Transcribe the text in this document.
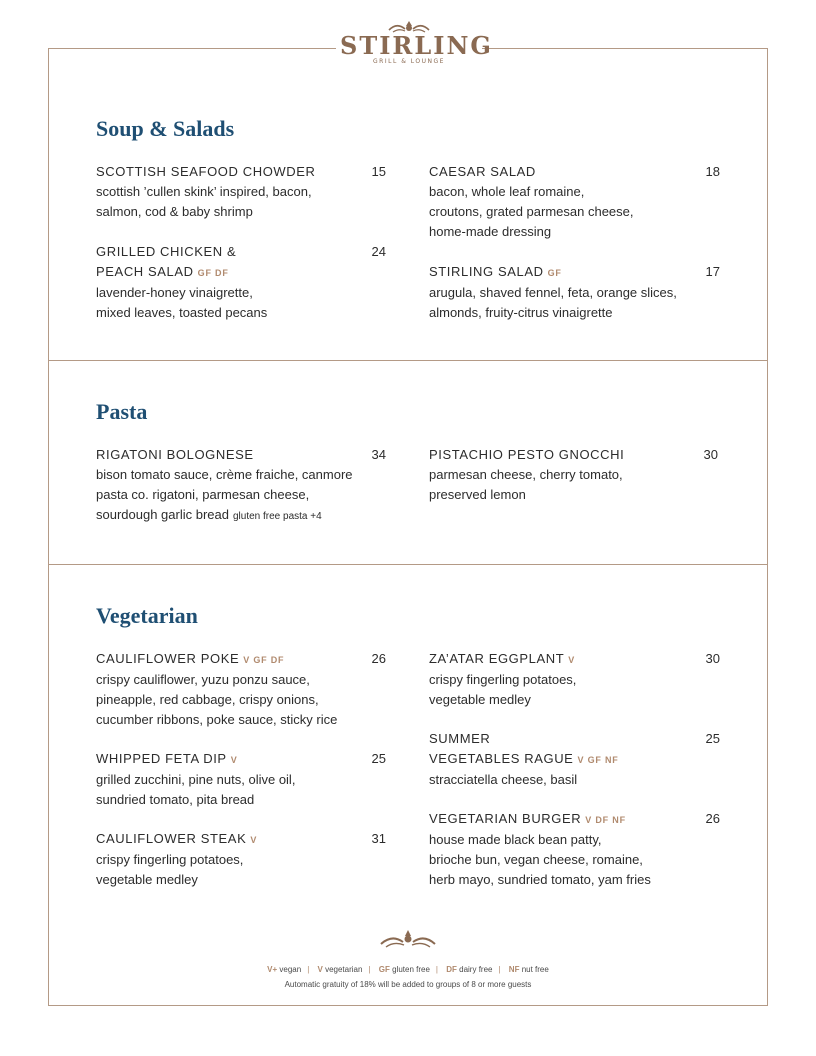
STIRLING
GRILL & LOUNGE
Soup & Salads
SCOTTISH SEAFOOD CHOWDER
scottish ’cullen skink’ inspired, bacon,
salmon, cod & baby shrimp
15
GRILLED CHICKEN &
PEACH SALAD GF DF
lavender-honey vinaigrette,
mixed leaves, toasted pecans
24
CAESAR SALAD
bacon, whole leaf romaine,
croutons, grated parmesan cheese,
home-made dressing
18
STIRLING SALAD GF
arugula, shaved fennel, feta, orange slices,
almonds, fruity-citrus vinaigrette
17
Pasta
RIGATONI BOLOGNESE
bison tomato sauce, crème fraiche, canmore
pasta co. rigatoni, parmesan cheese,
sourdough garlic bread gluten free pasta +4
34	PISTACHIO PESTO GNOCCHI
parmesan cheese, cherry tomato,
preserved lemon
30
Vegetarian
CAULIFLOWER POKE V GF DF
crispy cauliflower, yuzu ponzu sauce,
pineapple, red cabbage, crispy onions,
cucumber ribbons, poke sauce, sticky rice
26
WHIPPED FETA DIP V
grilled zucchini, pine nuts, olive oil,
sundried tomato, pita bread
25
CAULIFLOWER STEAK V
crispy fingerling potatoes,
vegetable medley
31
ZA’ATAR EGGPLANT V
crispy fingerling potatoes,
vegetable medley
30
SUMMER
VEGETABLES RAGUE V GF NF
stracciatella cheese, basil
25
VEGETARIAN BURGER V DF NF
house made black bean patty,
brioche bun, vegan cheese, romaine,
herb mayo, sundried tomato, yam fries
26
V+ vegan | V vegetarian | GF gluten free | DF dairy free | NF nut free
Automatic gratuity of 18% will be added to groups of 8 or more guests
